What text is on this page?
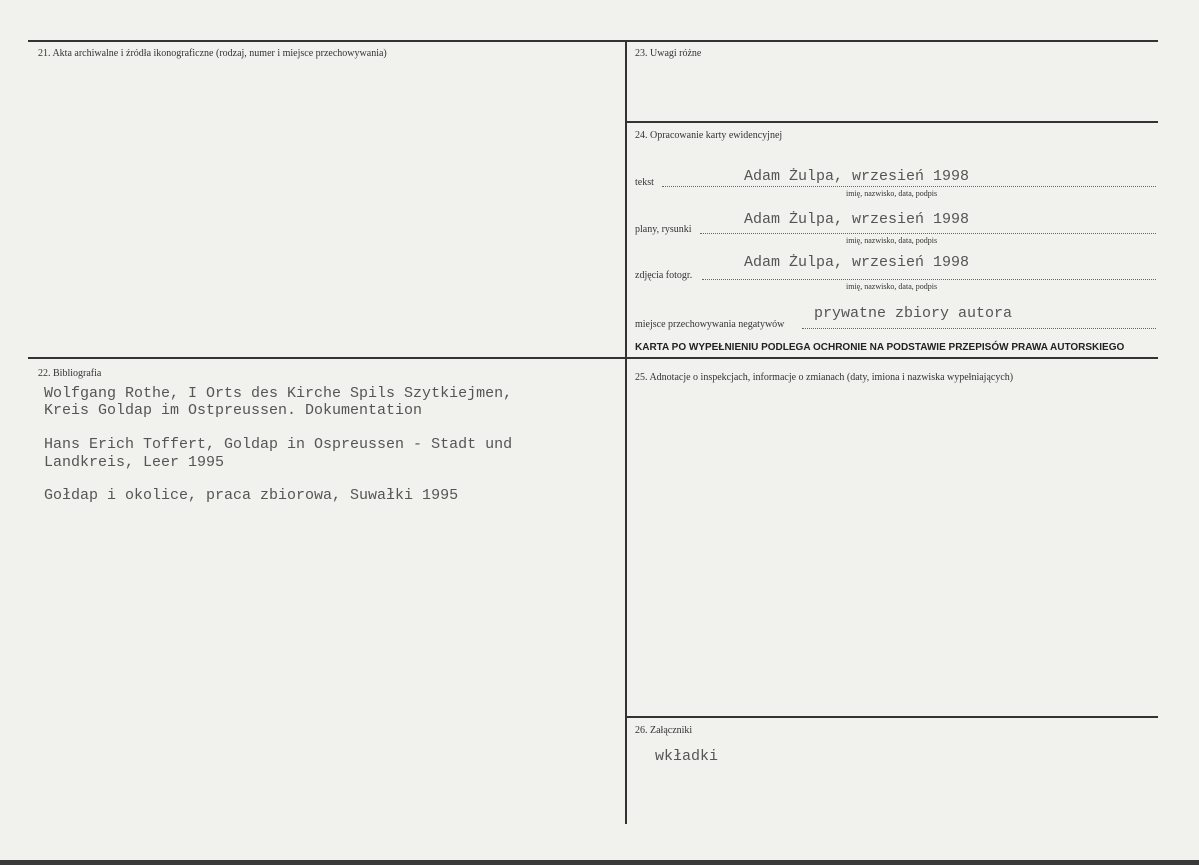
21. Akta archiwalne i źródła ikonograficzne (rodzaj, numer i miejsce przechowywania)
22. Bibliografia
Wolfgang Rothe, I Orts des Kirche Spils Szytkiejmen,
Kreis Goldap im Ostpreussen. Dokumentation
Hans Erich Toffert, Goldap in Ospreussen - Stadt und
Landkreis, Leer 1995
Gołdap i okolice, praca zbiorowa, Suwałki 1995
23. Uwagi różne
24. Opracowanie karty ewidencyjnej
tekst	Adam Żulpa, wrzesień 1998
imię, nazwisko, data, podpis
plany, rysunki
Adam Żulpa, wrzesień 1998
imię, nazwisko, data, podpis
zdjęcia fotogr.
Adam Żulpa, wrzesień 1998
imię, nazwisko, data, podpis
miejsce przechowywania negatywów
prywatne zbiory autora
KARTA PO WYPEŁNIENIU PODLEGA OCHRONIE NA PODSTAWIE PRZEPISÓW PRAWA AUTORSKIEGO
25. Adnotacje o inspekcjach, informacje o zmianach (daty, imiona i nazwiska wypełniających)
26. Załączniki
wkładki
